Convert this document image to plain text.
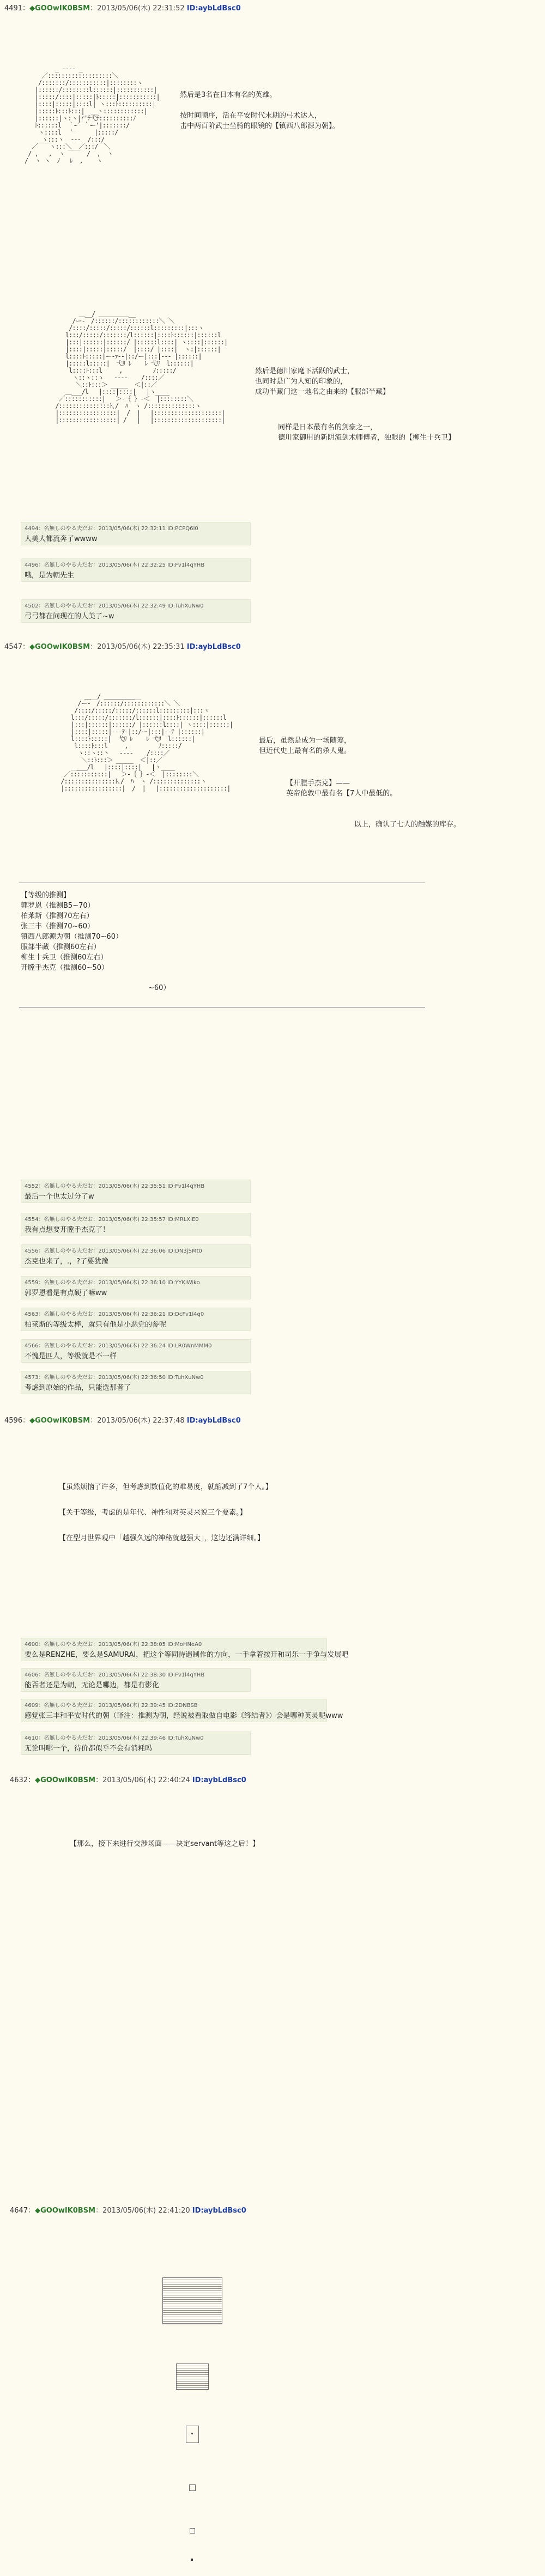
4491：◆GOOwIK0BSM：2013/05/06(木) 22:31:52 ID:aybLdBsc0
_ ‐‐‐‐ _
／:::::::::::::::::::＼
/:::::::/:::::::::::|::::::::ヽ
|::::::/::::::::l::::::|:::::::::::|
|:::::/::::|:::::|ﾄ:::::|:::::::::::|
|::::|:::::|::::l| ヽ:::ﾄ::::::::::|
|:::::ﾄ:::ﾄ:::|  ＿ヽ::::::::::::|
|::::::|ヽ:ヽ|r'ﾃ弋ﾃ::::::::::ﾉ
ﾄ::::::l  ｀ｰ´ ｀ー'|:::::::/
ヽ::::l   ﹂     |:::::/
ヽ:::ヽ  ‐‐‐  /:::/
／￣￣ヽ:::＼__／:::/￣＼
/ ,   ,  ヽ ￣￣  /  ,  ヽ
/  ヽ ヽ  ﾉ   ﾚ  ,    ヽ
然后是3名在日本有名的英雄。
按时间顺序，活在平安时代末期的弓术达人，
击中两百阶武士坐骑的眼镜的【镇西八郎源为朝】。
＿__/ ＿＿＿＿＿__
/ー‐￣/::::::/::::::::::::＼ ＼
/::::/:::::/:::::/::::::l:::::::::|:::ヽ
l:::/:::::/:::::::/l::::::|::::ﾄ::::::|::::::l
|:::|::::::|::::::/ |::::::l::::| ヽ::::|::::::|
|::::|:::::|:::::/  |::::/ |::::|  ヽ:|::::::|
l::::ﾄ:::::|ー‐ｧ‐‐|::/ー|:::|‐‐‐ |::::::|
|:::::l:::::|  弋ﾘ ﾚ    ﾚ 弋ﾘ  l::::::|
l::::ﾄ:::l     ,         ﾉ:::::/
ヽ::ヽ::ヽ   ‐‐‐‐    /::::／
＼::ﾄ:::＞ _____  ＜|::／
＿___/l   |::::|::::|   |ヽ____
／:::::::::::|   ＞‐｛ ｝‐＜  |::::::::＼
/:::::::::::::::ﾄ､/  ﾊ  ヽ /::::::::::::::ヽ
|:::::::::::::::::|  /  |   |::::::::::::::::::::|
|:::::::::::::::::| /   |   |::::::::::::::::::::|
然后是德川家麾下活跃的武士，
也同时是广为人知的印象的，
成功半藏门这一地名之由来的【服部半藏】
同样是日本最有名的剑豪之一，
德川家御用的新阴流剑术师傅者，独眼的【柳生十兵卫】
4494：名無しのやる夫だお：2013/05/06(木) 22:32:11 ID:PCPQ6I0
人美大都流奔了wwww
4496：名無しのやる夫だお：2013/05/06(木) 22:32:25 ID:Fv1l4qYHB
哦，是为朝先生
4502：名無しのやる夫だお：2013/05/06(木) 22:32:49 ID:TuhXuNw0
弓弓都在问现在的人美了~w
4547：◆GOOwIK0BSM：2013/05/06(木) 22:35:31 ID:aybLdBsc0
＿__/ ＿＿＿＿＿__
/ー‐￣/::::::/::::::::::::＼ ＼
/::::/:::::/:::::/::::::l:::::::::|:::ヽ
l:::/:::::/:::::::/l::::::|::::ﾄ::::::|::::::l
|:::|::::::|::::::/ |::::::l::::| ヽ::::|::::::|
|::::|:::::|‐‐‐ﾃ‐|::/ー|:::|‐‐ﾃ |::::::|
l::::ﾄ:::::|  弋ﾘ ﾚ    ﾚ 弋ﾘ  l::::::|
l::::ﾄ:::l     ,         ﾉ:::::/
ヽ::ヽ::ヽ   ‐‐‐‐    /::::／
＼::ﾄ:::＞ _____  ＜|::／
＿___/l   |::::|::::|   |ヽ____
／:::::::::::|   ＞‐｛ ｝‐＜  |::::::::＼
/:::::::::::::::ﾄ､/  ﾊ  ヽ /::::::::::::::ヽ
|:::::::::::::::::|  /  |   |::::::::::::::::::::|
最后，虽然是成为一场随筹，
但近代史上最有名的杀人鬼。
【开膛手杰克】——
英帝伦敦中最有名【7人中最低的。
以上，确认了七人的触媒的库存。
【等级的推测】
郭罗恩（推测B5~70）
柏莱斯（推测70左右）
张三丰（推测70~60）
镇西八郎源为朝（推测70~60）
服部半藏（推测60左右）
柳生十兵卫（推测60左右）
开膛手杰克（推测60~50）
~60）
4552：名無しのやる夫だお：2013/05/06(木) 22:35:51 ID:Fv1l4qYHB
最后一个也太过分了w
4554：名無しのやる夫だお：2013/05/06(木) 22:35:57 ID:MRLXiE0
我有点想要开膛手杰克了！
4556：名無しのやる夫だお：2013/05/06(木) 22:36:06 ID:DN3jSMt0
杰克也来了，.，?了要犹豫
4559：名無しのやる夫だお：2013/05/06(木) 22:36:10 ID:YYKiWiko
郭罗恩看是有点硬了嘛ww
4563：名無しのやる夫だお：2013/05/06(木) 22:36:21 ID:DcFv1l4q0
柏莱斯的等级太棒，就只有他是小恶党的参呢
4566：名無しのやる夫だお：2013/05/06(木) 22:36:24 ID:LR0WnMMM0
不愧是匹人，等级就是不一样
4573：名無しのやる夫だお：2013/05/06(木) 22:36:50 ID:TuhXuNw0
考虑到原始的作品，只能选那者了
4596：◆GOOwIK0BSM：2013/05/06(木) 22:37:48 ID:aybLdBsc0
【虽然烦恼了许多，但考虑到数值化的难易度，就缩减到了7个人。】
【关于等级，考虑的是年代、神性和对英灵来说三个要素。】
【在型月世界观中「越强久远的神秘就越强大」，这边还满详细。】
4600：名無しのやる夫だお：2013/05/06(木) 22:38:05 ID:MoHNeA0
要么是RENZHE，要么是SAMURAI，把这个等同待遇制作的方向，一手拿着按开和司乐一手争与发展吧
4606：名無しのやる夫だお：2013/05/06(木) 22:38:30 ID:Fv1l4qYHB
能否者还是为朝，无论是哪边，都是有影化
4609：名無しのやる夫だお：2013/05/06(木) 22:39:45 ID:2DNBSB
感觉张三丰和平安时代的朝（译注：推测为朝，经说被看取做自电影《终结者》）会是哪种英灵呢www
4610：名無しのやる夫だお：2013/05/06(木) 22:39:46 ID:TuhXuNw0
无论叫哪一个，待价都似乎不会有消耗吗
4632：◆GOOwIK0BSM：2013/05/06(木) 22:40:24 ID:aybLdBsc0
【那么，接下来进行交涉场面——决定servant等这之后！】
4647：◆GOOwIK0BSM：2013/05/06(木) 22:41:20 ID:aybLdBsc0
